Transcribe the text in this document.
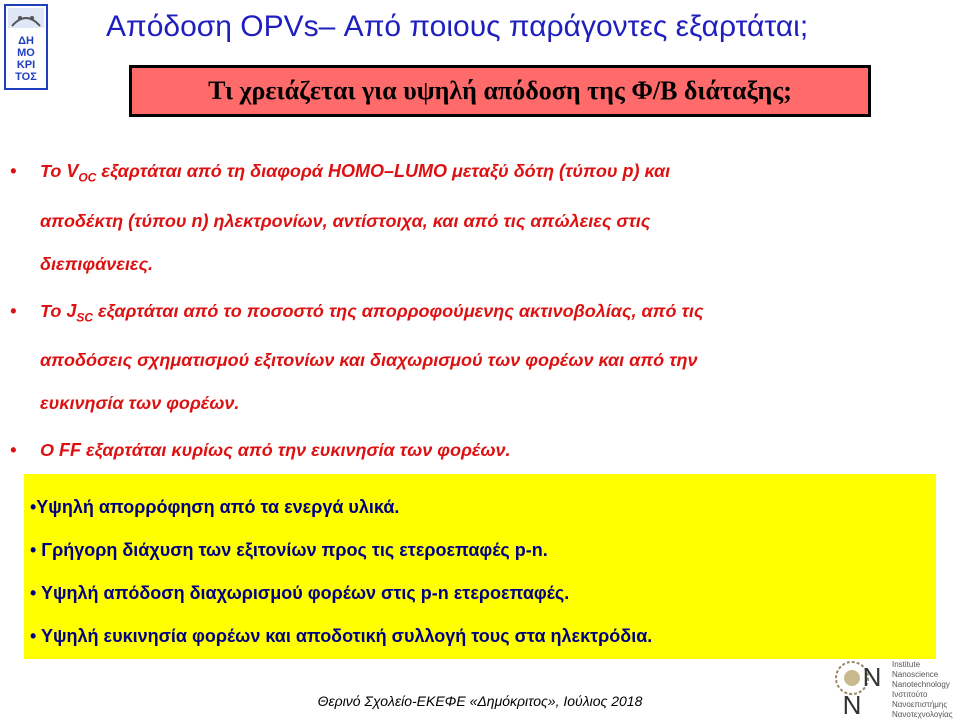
ΔΗ
ΜΟ
ΚΡΙ
ΤΟΣ
Απόδοση OPVs– Από ποιους παράγοντες εξαρτάται;
Τι χρειάζεται για υψηλή απόδοση της Φ/Β διάταξης;
• Το $V_{OC}$ εξαρτάται από τη διαφορά HOMO–LUMO μεταξύ δότη (τύπου p) και
αποδέκτη (τύπου n) ηλεκτρονίων, αντίστοιχα, και από τις απώλειες στις
διεπιφάνειες.
• Το $J_{SC}$ εξαρτάται από το ποσοστό της απορροφούμενης ακτινοβολίας, από τις
αποδόσεις σχηματισμού εξιτονίων και διαχωρισμού των φορέων και από την
ευκινησία των φορέων.
• Ο FF εξαρτάται κυρίως από την ευκινησία των φορέων.
•Υψηλή απορρόφηση από τα ενεργά υλικά.
• Γρήγορη διάχυση των εξιτονίων προς τις ετεροεπαφές p-n.
• Υψηλή απόδοση διαχωρισμού φορέων στις p-n ετεροεπαφές.
• Υψηλή ευκινησία φορέων και αποδοτική συλλογή τους στα ηλεκτρόδια.
N
N
Institute
Nanoscience
Nanotechnology
Ινστιτούτο
Νανοεπιστήμης
Νανοτεχνολογίας
Θερινό Σχολείο-ΕΚΕΦΕ «Δημόκριτος», Ιούλιος 2018
